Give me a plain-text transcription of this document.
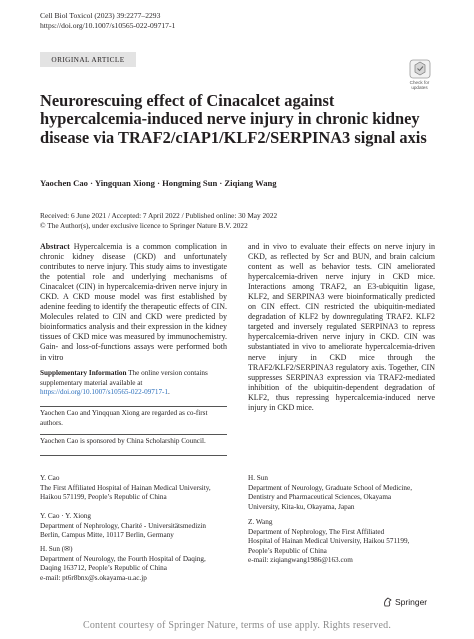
Cell Biol Toxicol (2023) 39:2277–2293
https://doi.org/10.1007/s10565-022-09717-1
ORIGINAL ARTICLE
Check for
updates
Neurorescuing effect of Cinacalcet against hypercalcemia-induced nerve injury in chronic kidney disease via TRAF2/cIAP1/KLF2/SERPINA3 signal axis
Yaochen Cao · Yingquan Xiong · Hongming Sun · Ziqiang Wang
Received: 6 June 2021 / Accepted: 7 April 2022 / Published online: 30 May 2022
© The Author(s), under exclusive licence to Springer Nature B.V. 2022

Abstract Hypercalcemia is a common complication in chronic kidney disease (CKD) and unfortunately contributes to nerve injury. This study aims to investigate the potential role and underlying mechanisms of Cinacalcet (CIN) in hypercalcemia-driven nerve injury in CKD. A CKD mouse model was first established by adenine feeding to identify the therapeutic effects of CIN. Molecules related to CIN and CKD were predicted by bioinformatics analysis and their expression in the kidney tissues of CKD mice was measured by immunochemistry. Gain- and loss-of-functions assays were performed both in vitro

and in vivo to evaluate their effects on nerve injury in CKD, as reflected by Scr and BUN, and brain calcium content as well as behavior tests. CIN ameliorated hypercalcemia-driven nerve injury in CKD mice. Interactions among TRAF2, an E3-ubiquitin ligase, KLF2, and SERPINA3 were bioinformatically predicted on CIN effect. CIN restricted the ubiquitin-mediated degradation of KLF2 by downregulating TRAF2. KLF2 targeted and inversely regulated SERPINA3 to repress hypercalcemia-driven nerve injury in CKD. CIN was substantiated in vivo to ameliorate hypercalcemia-driven nerve injury in CKD mice through the TRAF2/KLF2/SERPINA3 regulatory axis. Together, CIN suppresses SERPINA3 expression via TRAF2-mediated inhibition of the ubiquitin-dependent degradation of KLF2, thus repressing hypercalcemia-induced nerve injury in CKD mice.

Supplementary Information The online version contains supplementary material available at https://doi.org/10.1007/s10565-022-09717-1.
Yaochen Cao and Yinqquan Xiong are regarded as co-first authors.
Yaochen Cao is sponsored by China Scholarship Council.
Y. Cao
The First Affiliated Hospital of Hainan Medical University,
Haikou 571199, People’s Republic of China
Y. Cao · Y. Xiong
Department of Nephrology, Charité - Universitätsmedizin
Berlin, Campus Mitte, 10117 Berlin, Germany
H. Sun (✉)
Department of Neurology, the Fourth Hospital of Daqing,
Daqing 163712, People’s Republic of China
e-mail: pt6r8bnx@s.okayama-u.ac.jp
H. Sun
Department of Neurology, Graduate School of Medicine,
Dentistry and Pharmaceutical Sciences, Okayama
University, Kita-ku, Okayama, Japan
Z. Wang
Department of Nephrology, The First Affiliated
Hospital of Hainan Medical University, Haikou 571199,
People’s Republic of China
e-mail: ziqiangwang1986@163.com
Springer
Content courtesy of Springer Nature, terms of use apply. Rights reserved.
